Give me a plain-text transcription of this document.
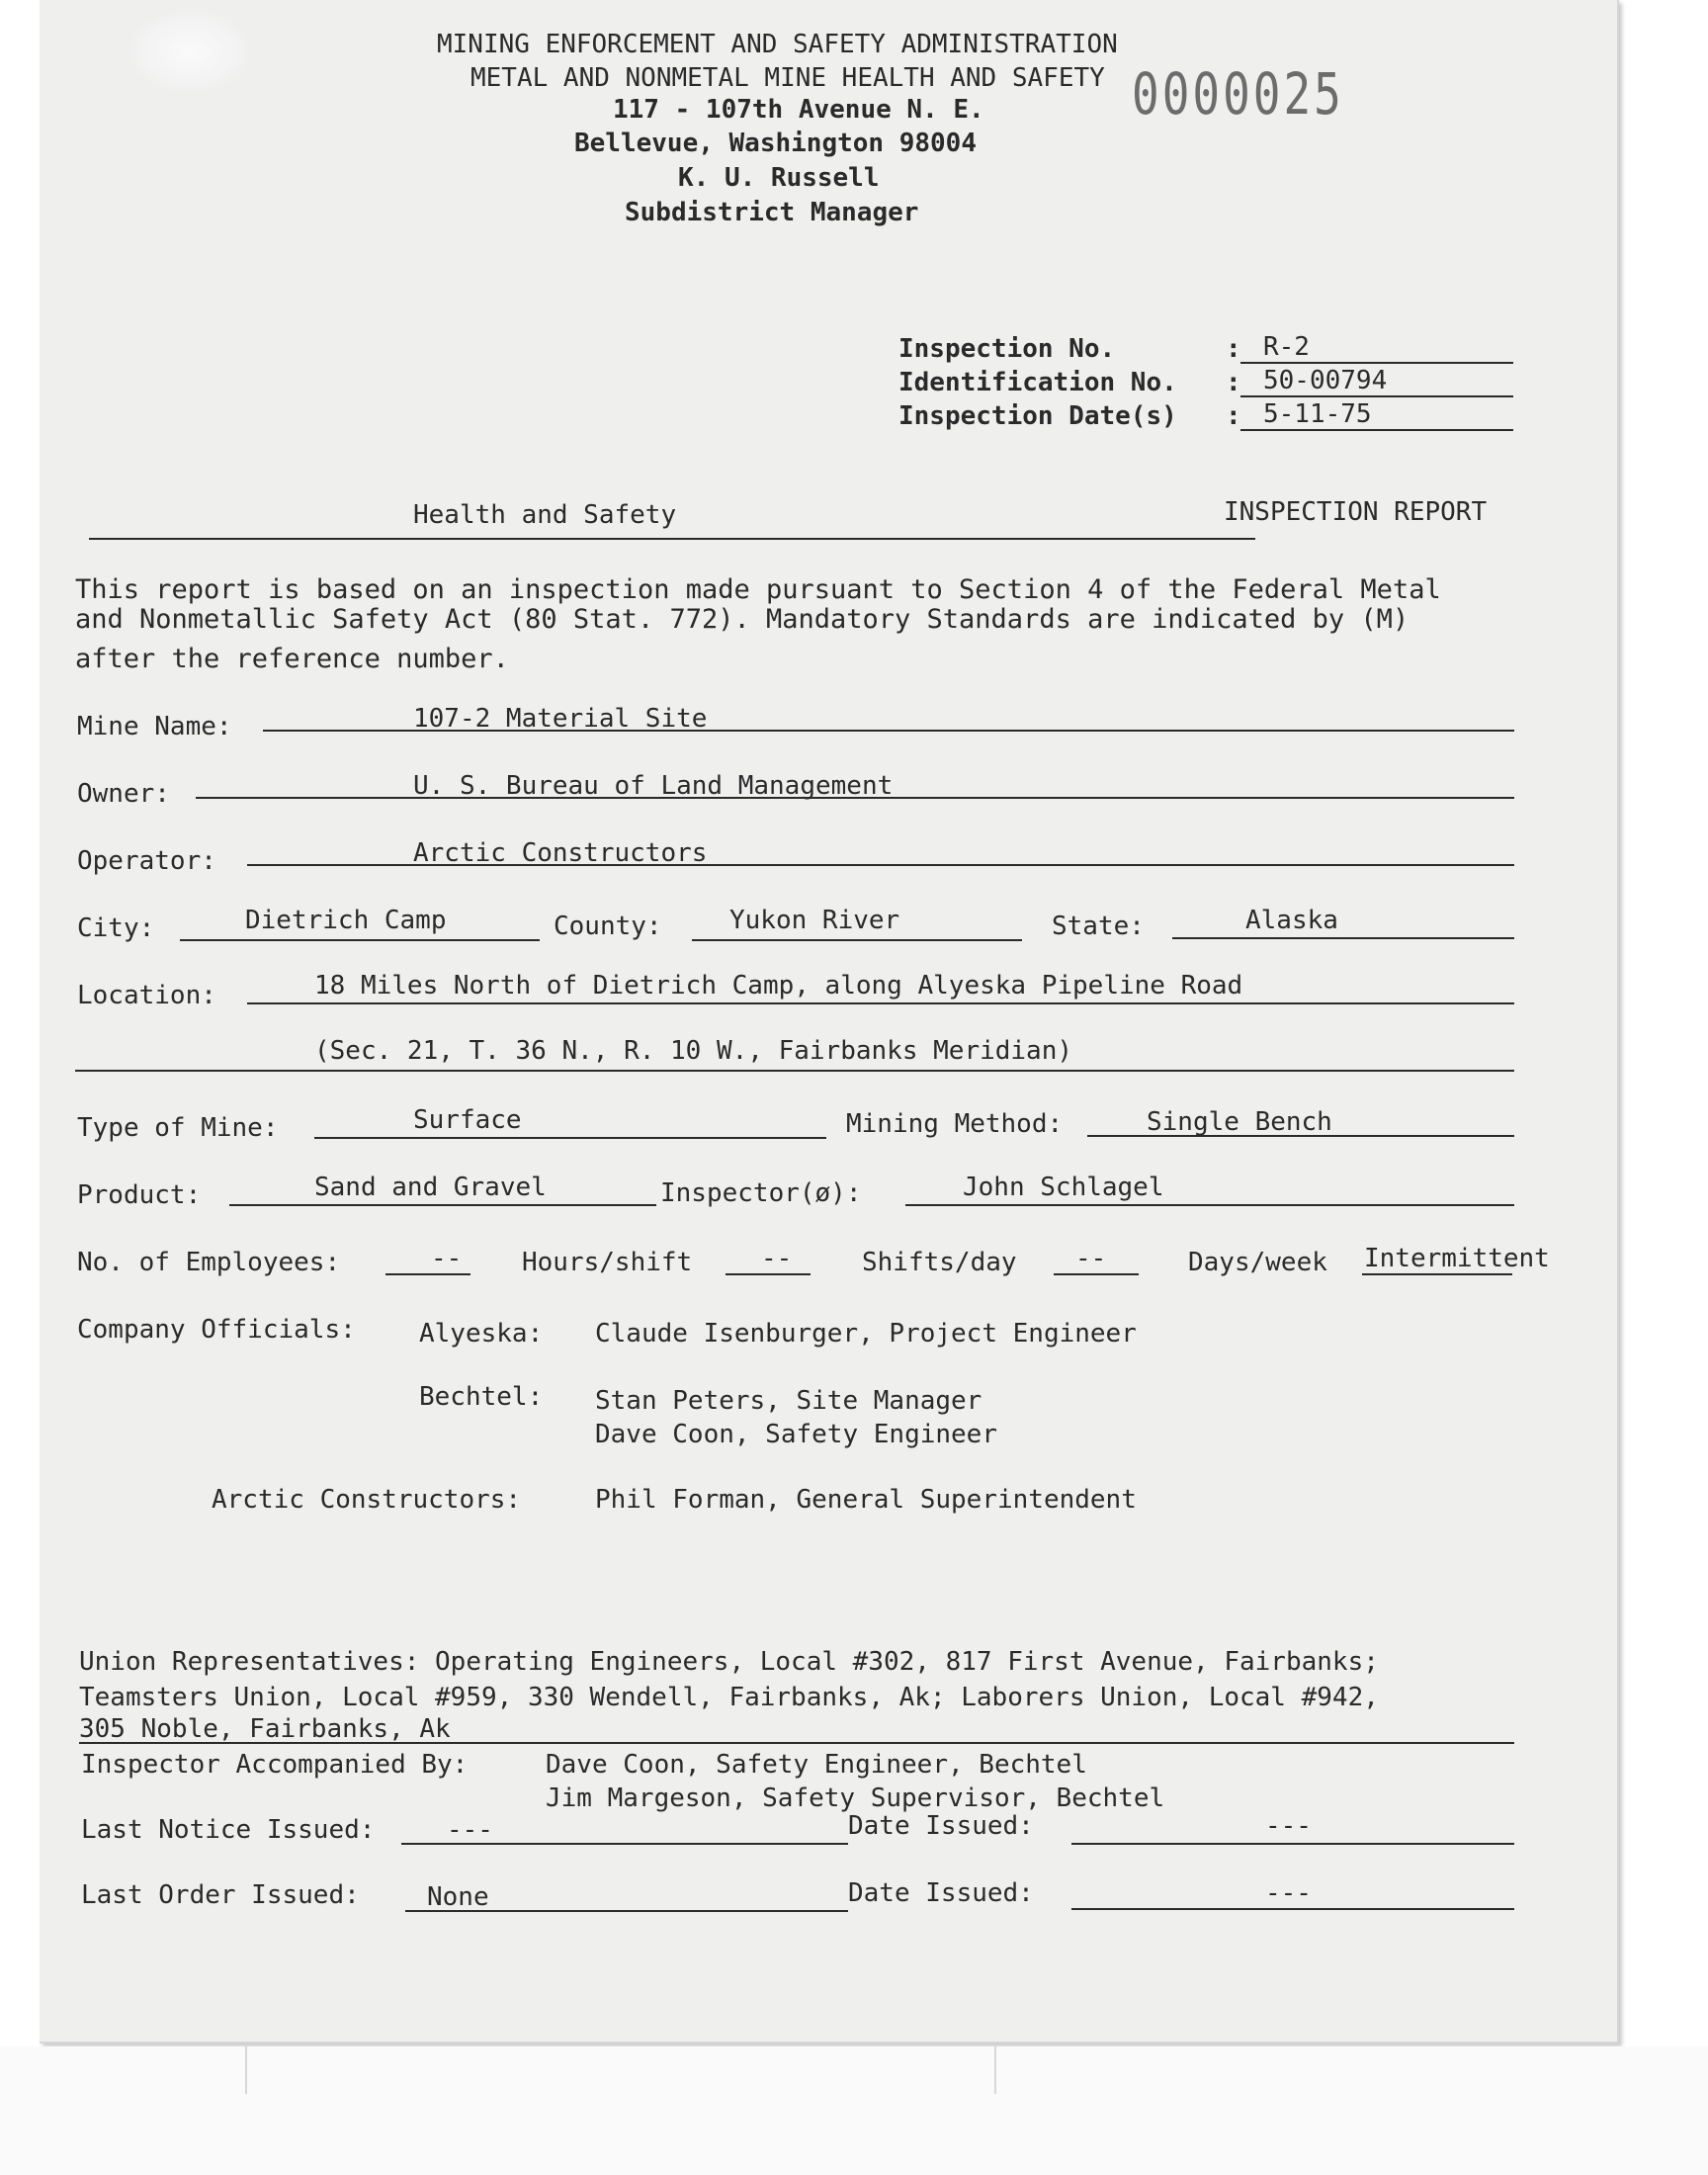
0000025
MINING ENFORCEMENT AND SAFETY ADMINISTRATION
METAL AND NONMETAL MINE HEALTH AND SAFETY
117 - 107th Avenue N. E.
Bellevue, Washington 98004
K. U. Russell
Subdistrict Manager
Inspection No.	: R-2
Identification No. : 50-00794
Inspection Date(s) : 5-11-75
Health and Safety	INSPECTION REPORT
This report is based on an inspection made pursuant to Section 4 of the Federal Metal
and Nonmetallic Safety Act (80 Stat. 772). Mandatory Standards are indicated by (M)
after the reference number.
Mine Name:	107-2 Material Site
Owner:	U. S. Bureau of Land Management
Operator:	Arctic Constructors
City:	Dietrich Camp	County:	Yukon River	State:	Alaska
Location:	18 Miles North of Dietrich Camp, along Alyeska Pipeline Road
(Sec. 21, T. 36 N., R. 10 W., Fairbanks Meridian)
Type of Mine:	Surface	Mining Method:	Single Bench
Product:	Sand and Gravel	Inspector(ø):	John Schlagel
No. of Employees:	-- Hours/shift	--	Shifts/day --	Days/week Intermittent
Company Officials: Alyeska: Claude Isenburger, Project Engineer
Bechtel: Stan Peters, Site Manager
Dave Coon, Safety Engineer
Arctic Constructors:	Phil Forman, General Superintendent
Union Representatives: Operating Engineers, Local #302, 817 First Avenue, Fairbanks;
Teamsters Union, Local #959, 330 Wendell, Fairbanks, Ak; Laborers Union, Local #942,
305 Noble, Fairbanks, Ak
Inspector Accompanied By:	Dave Coon, Safety Engineer, Bechtel
Jim Margeson, Safety Supervisor, Bechtel
Last Notice Issued:	---	Date Issued:	---
Last Order Issued:	None	Date Issued:	---
